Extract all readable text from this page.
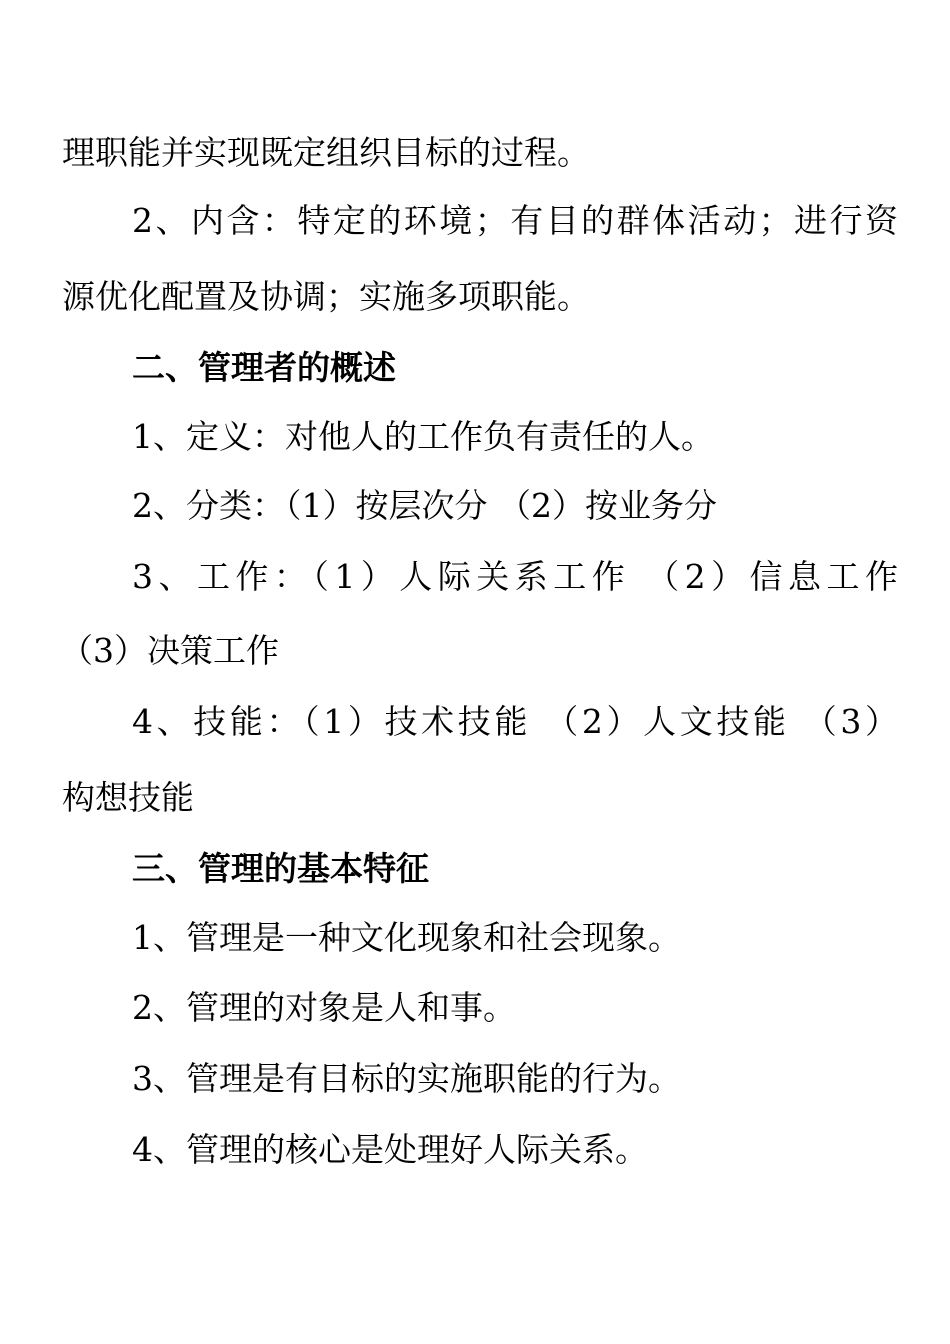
理职能并实现既定组织目标的过程。
2、内含：特定的环境；有目的群体活动；进行资
源优化配置及协调；实施多项职能。
二、管理者的概述
1、定义：对他人的工作负有责任的人。
2、分类：（1）按层次分 （2）按业务分
3、工作：（1）人际关系工作 （2）信息工作
（3）决策工作
4、技能：（1）技术技能 （2）人文技能 （3）
构想技能
三、管理的基本特征
1、管理是一种文化现象和社会现象。
2、管理的对象是人和事。
3、管理是有目标的实施职能的行为。
4、管理的核心是处理好人际关系。
